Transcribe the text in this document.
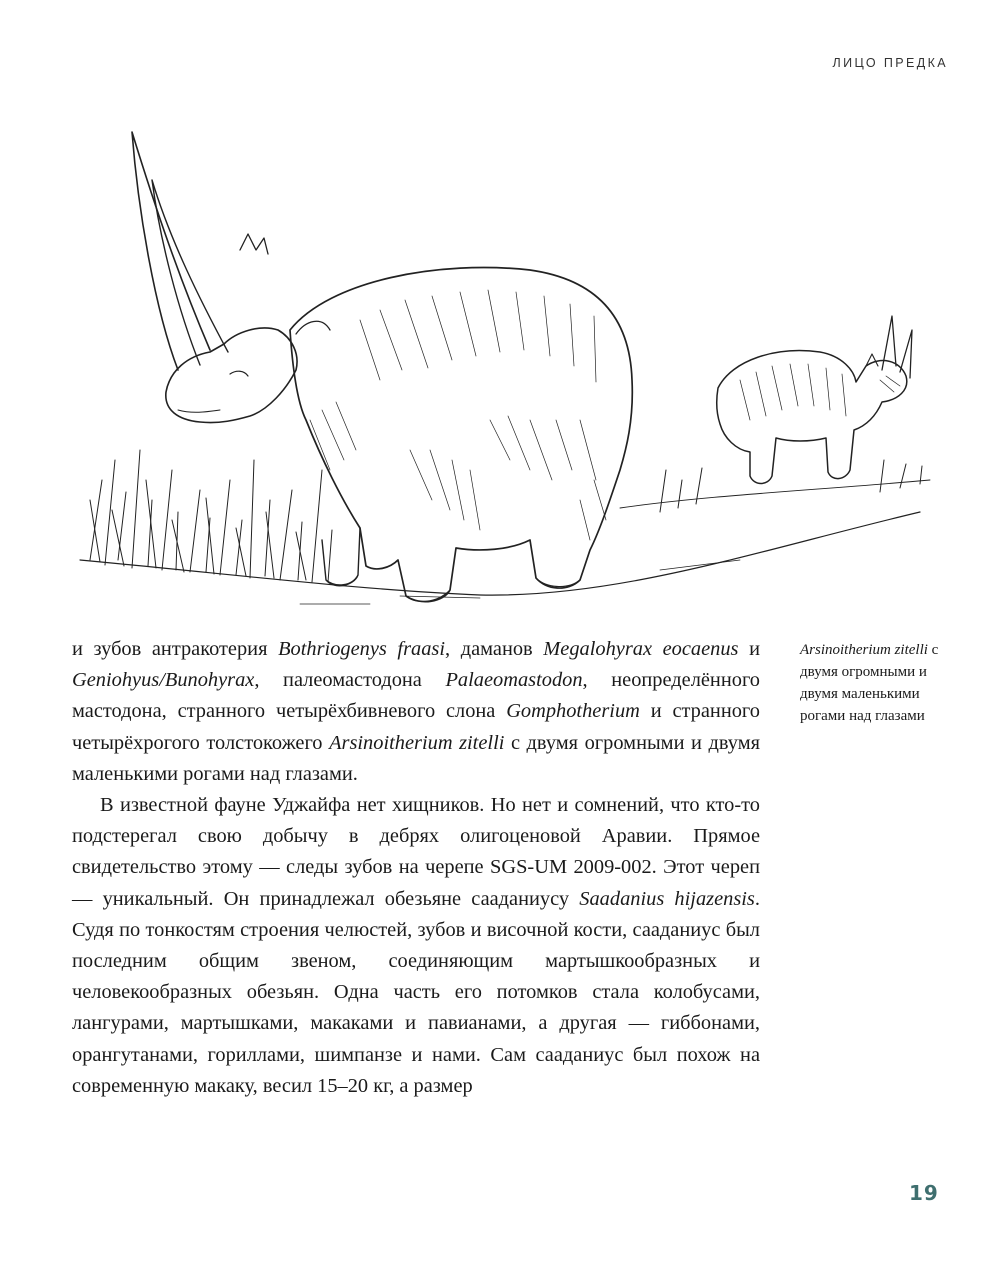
ЛИЦО ПРЕДКА

и зубов антракотерия Bothriogenys fraasi, даманов Megalohyrax eocaenus и Geniohyus/Bunohyrax, палеомастодона Palaeomastodon, неопределённого мастодона, странного четырёхбивневого слона Gomphotherium и странного четырёхрогого толстокожего Arsinoitherium zitelli с двумя огромными и двумя маленькими рогами над глазами.

В известной фауне Уджайфа нет хищников. Но нет и сомнений, что кто-то подстерегал свою добычу в дебрях олигоценовой Аравии. Прямое свидетельство этому — следы зубов на черепе SGS-UM 2009-002. Этот череп — уникальный. Он принадлежал обезьяне сааданиусу Saadanius hijazensis. Судя по тонкостям строения челюстей, зубов и височной кости, сааданиус был последним общим звеном, соединяющим мартышкообразных и человекообразных обезьян. Одна часть его потомков стала колобусами, лангурами, мартышками, макаками и павианами, а другая — гиббонами, орангутанами, гориллами, шимпанзе и нами. Сам сааданиус был похож на современную макаку, весил 15–20 кг, а размер

Arsinoitherium zitelli с двумя огромными и двумя маленькими рогами над глазами
19
